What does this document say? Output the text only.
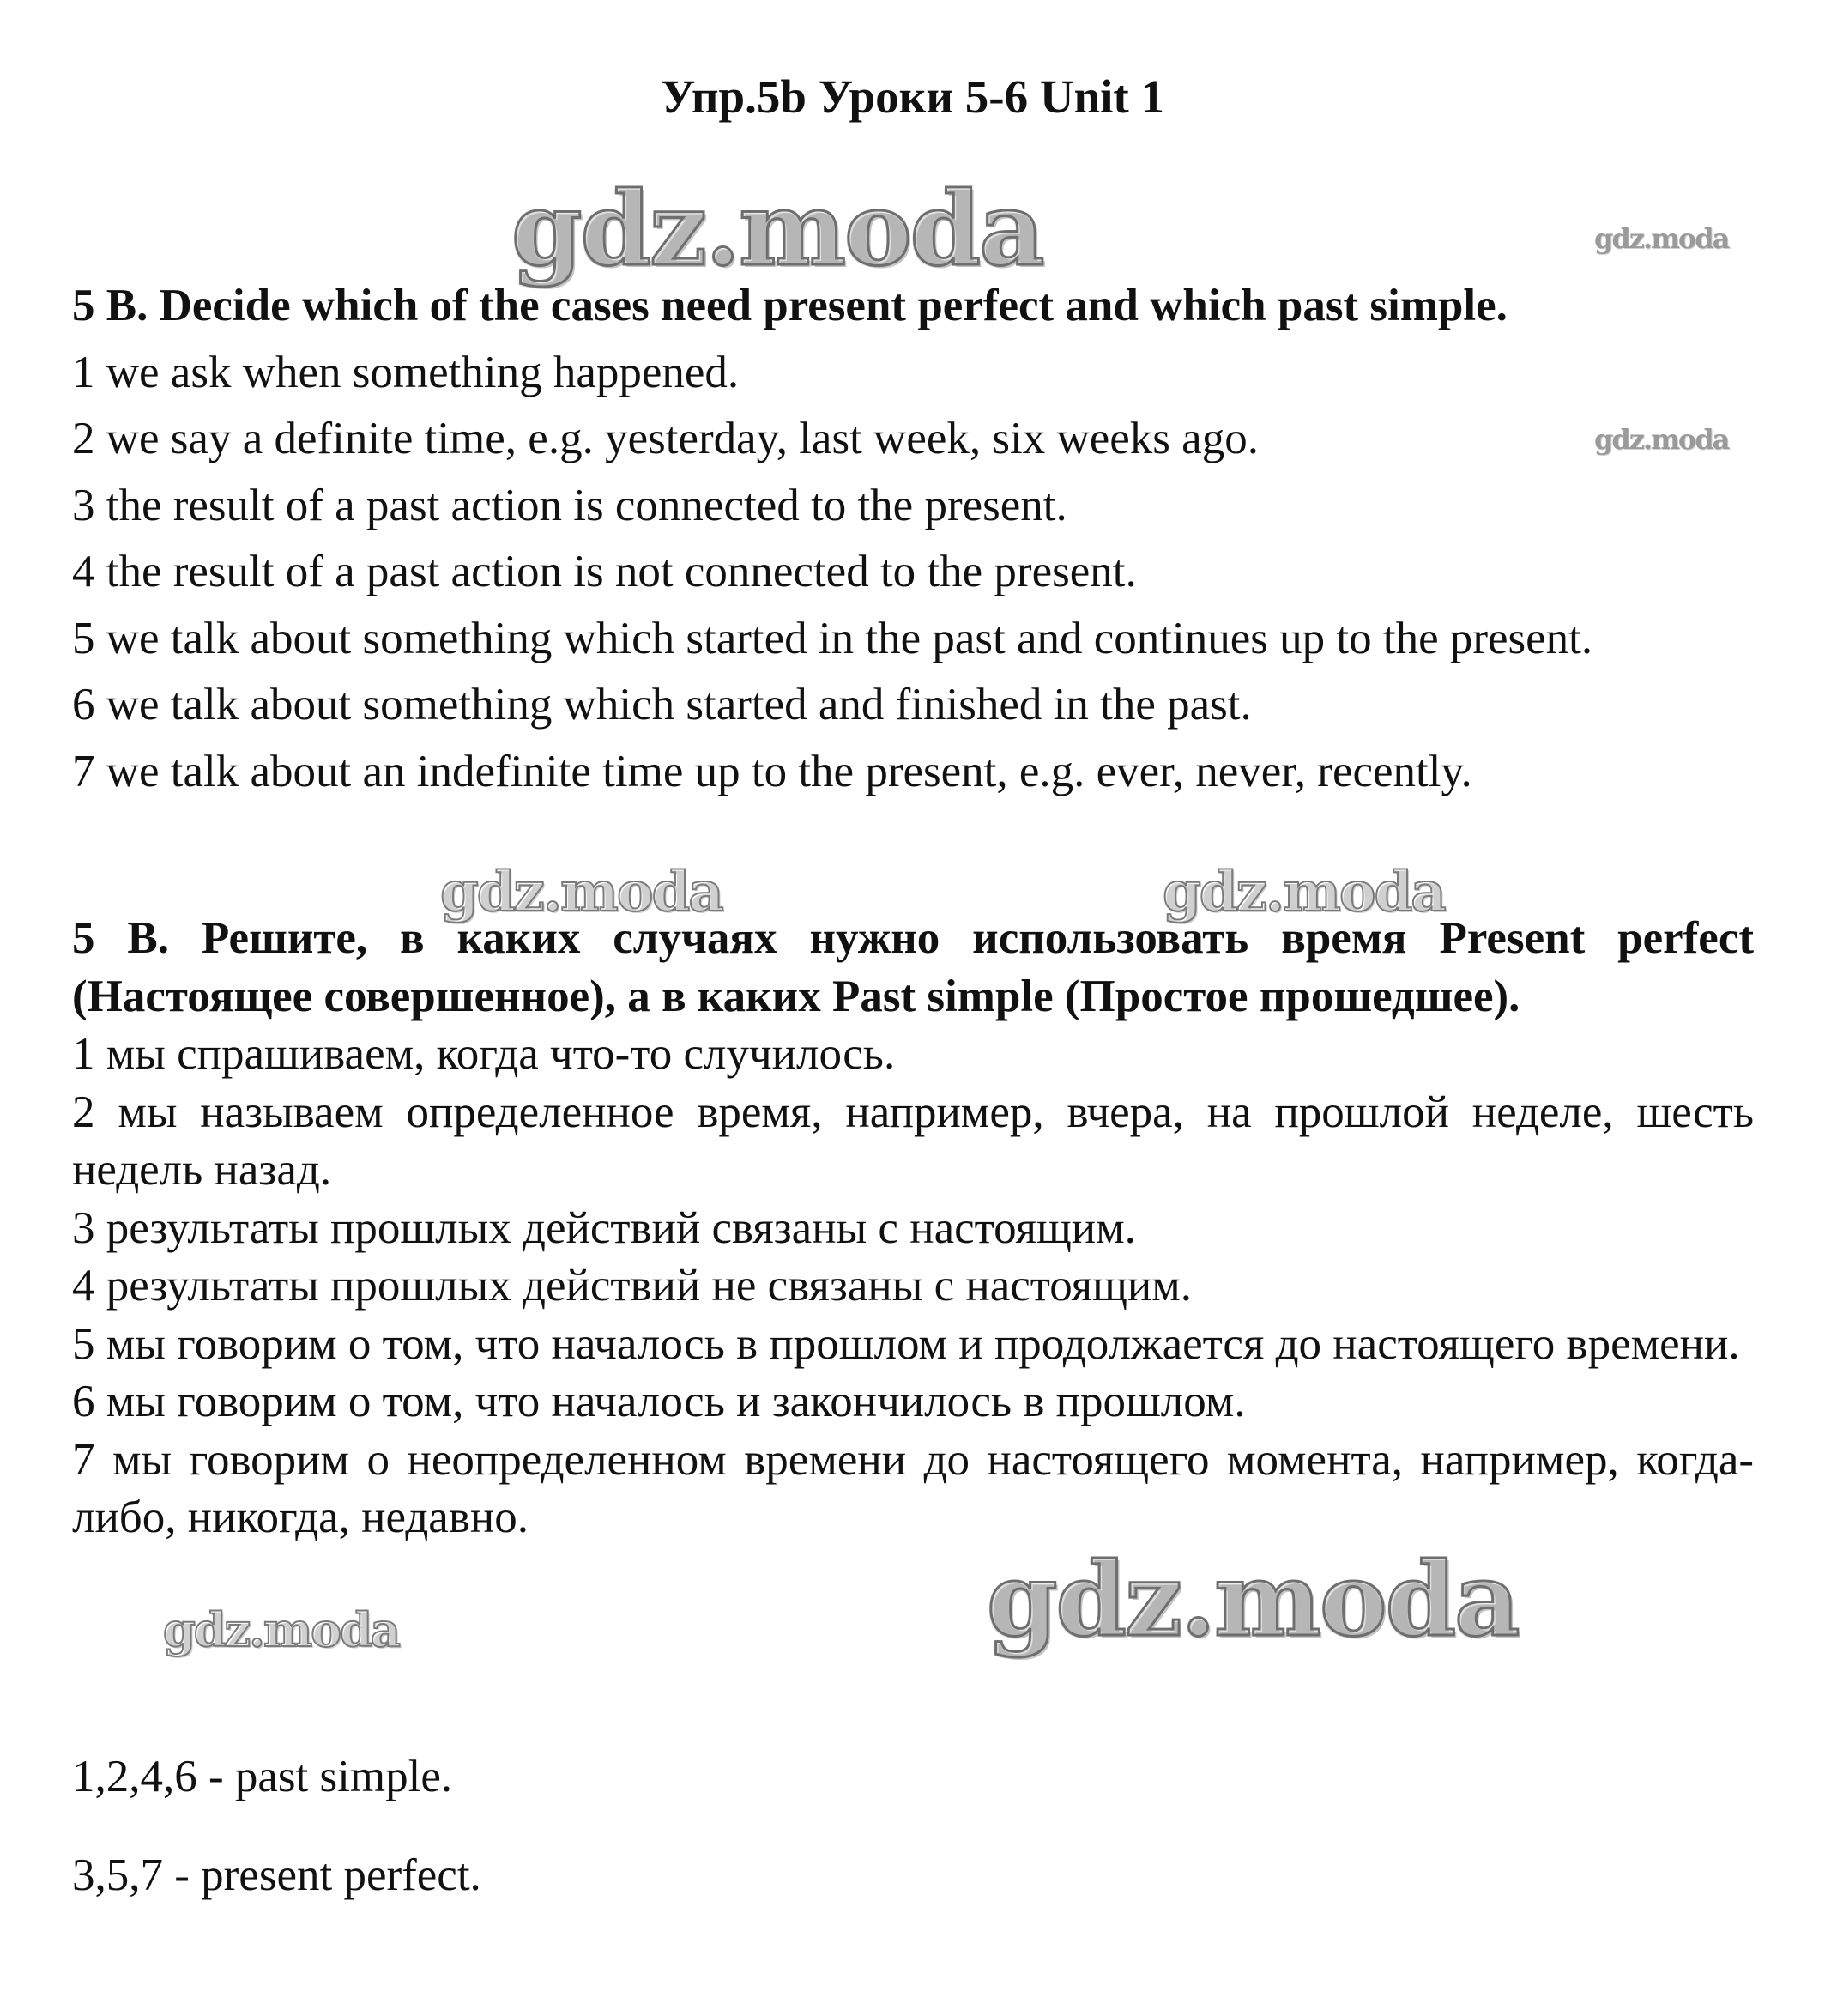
gdz.moda	gdz.moda
gdz.moda
gdz.moda	gdz.moda
gdz.moda	gdz.moda
Упр.5b Уроки 5-6 Unit 1

5 B. Decide which of the cases need present perfect and which past simple.

1 we ask when something happened.

2 we say a definite time, e.g. yesterday, last week, six weeks ago.

3 the result of a past action is connected to the present.

4 the result of a past action is not connected to the present.

5 we talk about something which started in the past and continues up to the present.

6 we talk about something which started and finished in the past.

7 we talk about an indefinite time up to the present, e.g. ever, never, recently.

5 B. Решите, в каких случаях нужно использовать время Present perfect (Настоящее совершенное), а в каких Past simple (Простое прошедшее).

1 мы спрашиваем, когда что-то случилось.

2 мы называем определенное время, например, вчера, на прошлой неделе, шесть недель назад.

3 результаты прошлых действий связаны с настоящим.

4 результаты прошлых действий не связаны с настоящим.

5 мы говорим о том, что началось в прошлом и продолжается до настоящего времени.

6 мы говорим о том, что началось и закончилось в прошлом.

7 мы говорим о неопределенном времени до настоящего момента, например, когда-либо, никогда, недавно.

1,2,4,6 - past simple.

3,5,7 - present perfect.
